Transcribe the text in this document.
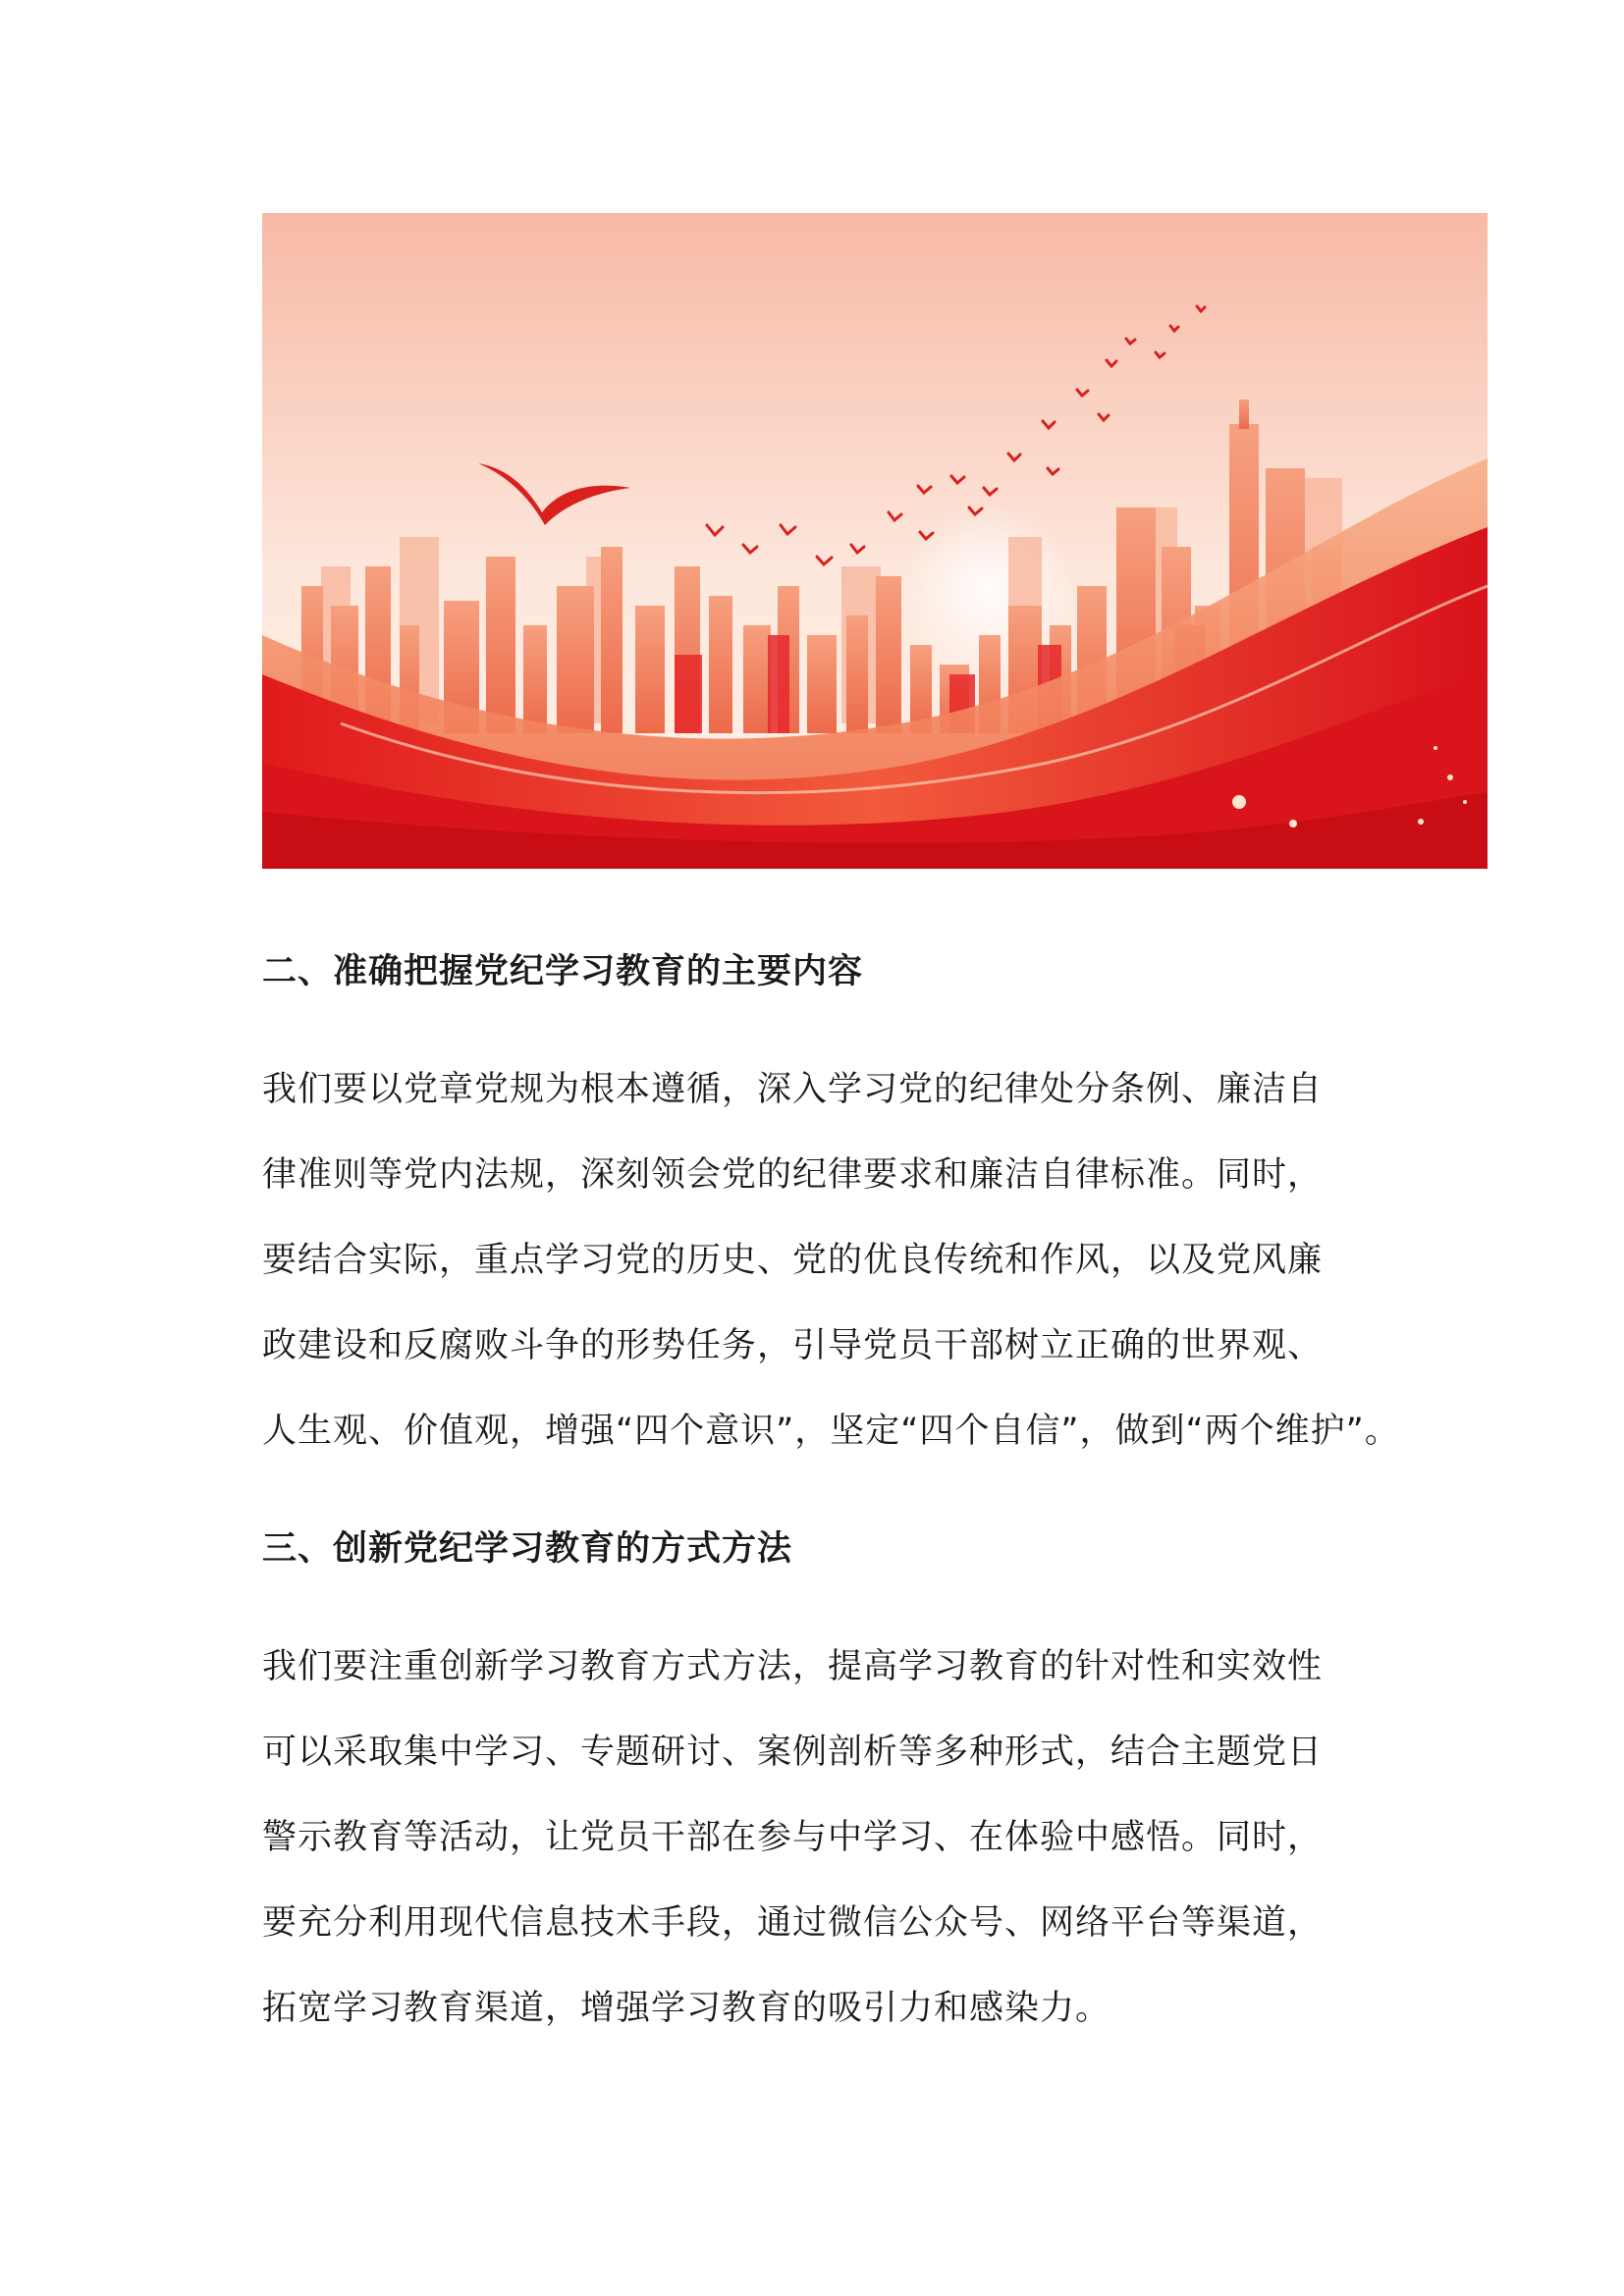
二、准确把握党纪学习教育的主要内容
我们要以党章党规为根本遵循，深入学习党的纪律处分条例、廉洁自
律准则等党内法规，深刻领会党的纪律要求和廉洁自律标准。同时，
要结合实际，重点学习党的历史、党的优良传统和作风，以及党风廉
政建设和反腐败斗争的形势任务，引导党员干部树立正确的世界观、
人生观、价值观，增强“四个意识”，坚定“四个自信”，做到“两个维护”。
三、创新党纪学习教育的方式方法
我们要注重创新学习教育方式方法，提高学习教育的针对性和实效性
可以采取集中学习、专题研讨、案例剖析等多种形式，结合主题党日
警示教育等活动，让党员干部在参与中学习、在体验中感悟。同时，
要充分利用现代信息技术手段，通过微信公众号、网络平台等渠道，
拓宽学习教育渠道，增强学习教育的吸引力和感染力。
